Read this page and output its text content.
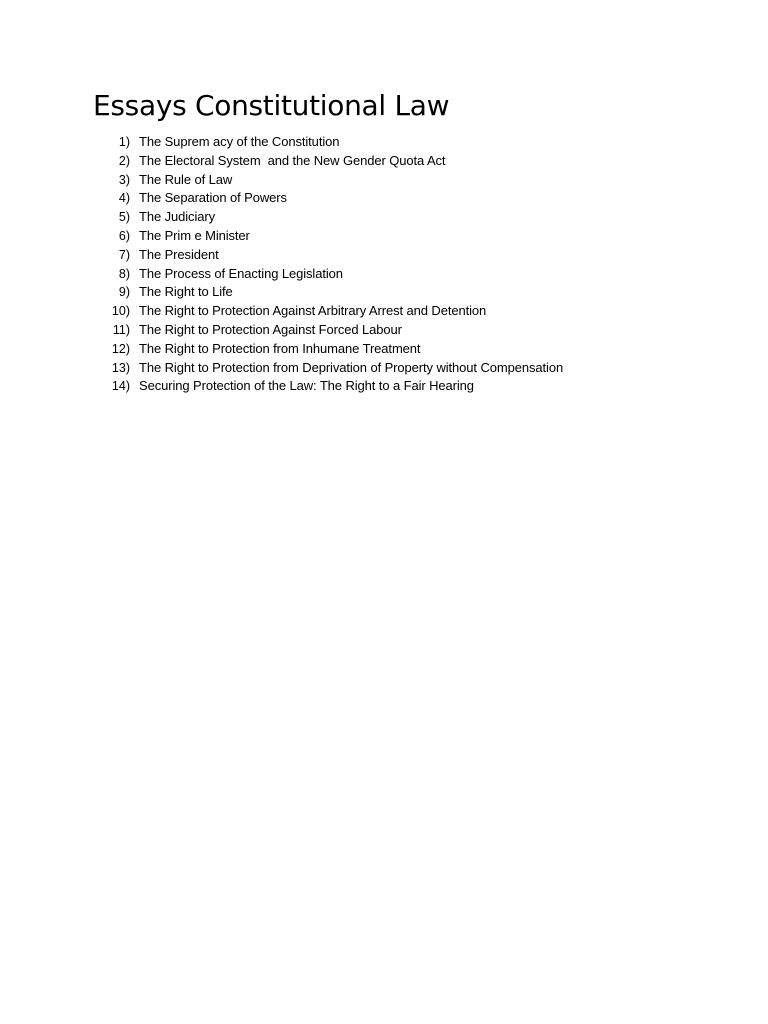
Essays Constitutional Law
1) The Suprem acy of the Constitution
2) The Electoral System  and the New Gender Quota Act
3) The Rule of Law
4) The Separation of Powers
5) The Judiciary
6) The Prim e Minister
7) The President
8) The Process of Enacting Legislation
9) The Right to Life
10) The Right to Protection Against Arbitrary Arrest and Detention
11) The Right to Protection Against Forced Labour
12) The Right to Protection from Inhumane Treatment
13) The Right to Protection from Deprivation of Property without Compensation
14) Securing Protection of the Law: The Right to a Fair Hearing
